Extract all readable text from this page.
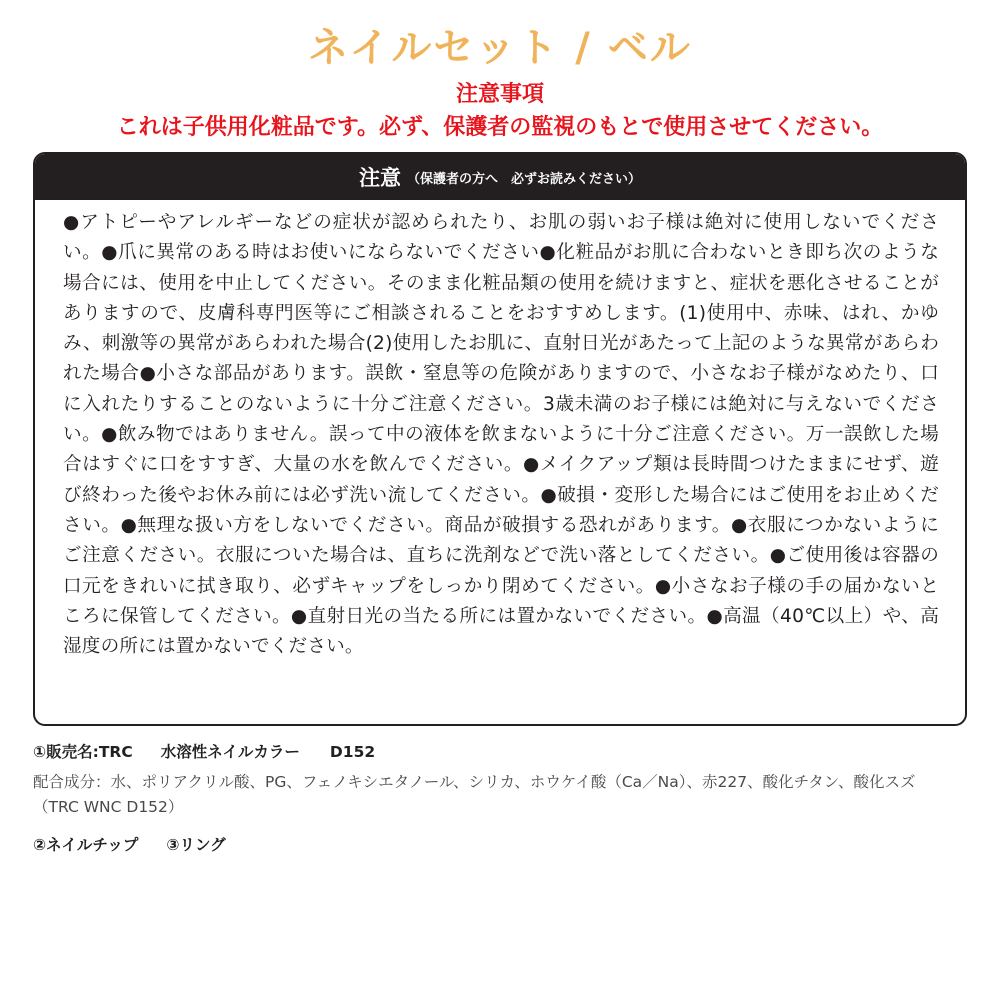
ネイルセット / ベル
注意事項
これは子供用化粧品です。必ず、保護者の監視のもとで使用させてください。
注意 （保護者の方へ　必ずお読みください）
●アトピーやアレルギーなどの症状が認められたり、お肌の弱いお子様は絶対に使用しないでください。●爪に異常のある時はお使いにならないでください●化粧品がお肌に合わないとき即ち次のような場合には、使用を中止してください。そのまま化粧品類の使用を続けますと、症状を悪化させることがありますので、皮膚科専門医等にご相談されることをおすすめします。(1)使用中、赤味、はれ、かゆみ、刺激等の異常があらわれた場合(2)使用したお肌に、直射日光があたって上記のような異常があらわれた場合●小さな部品があります。誤飲・窒息等の危険がありますので、小さなお子様がなめたり、口に入れたりすることのないように十分ご注意ください。3歳未満のお子様には絶対に与えないでください。●飲み物ではありません。誤って中の液体を飲まないように十分ご注意ください。万一誤飲した場合はすぐに口をすすぎ、大量の水を飲んでください。●メイクアップ類は長時間つけたままにせず、遊び終わった後やお休み前には必ず洗い流してください。●破損・変形した場合にはご使用をお止めください。●無理な扱い方をしないでください。商品が破損する恐れがあります。●衣服につかないようにご注意ください。衣服についた場合は、直ちに洗剤などで洗い落としてください。●ご使用後は容器の口元をきれいに拭き取り、必ずキャップをしっかり閉めてください。●小さなお子様の手の届かないところに保管してください。●直射日光の当たる所には置かないでください。●高温（40℃以上）や、高湿度の所には置かないでください。
①販売名:TRC 水溶性ネイルカラー D152
配合成分：水、ポリアクリル酸、PG、フェノキシエタノール、シリカ、ホウケイ酸（Ca／Na）、赤227、酸化チタン、酸化スズ（TRC WNC D152）
②ネイルチップ ③リング
